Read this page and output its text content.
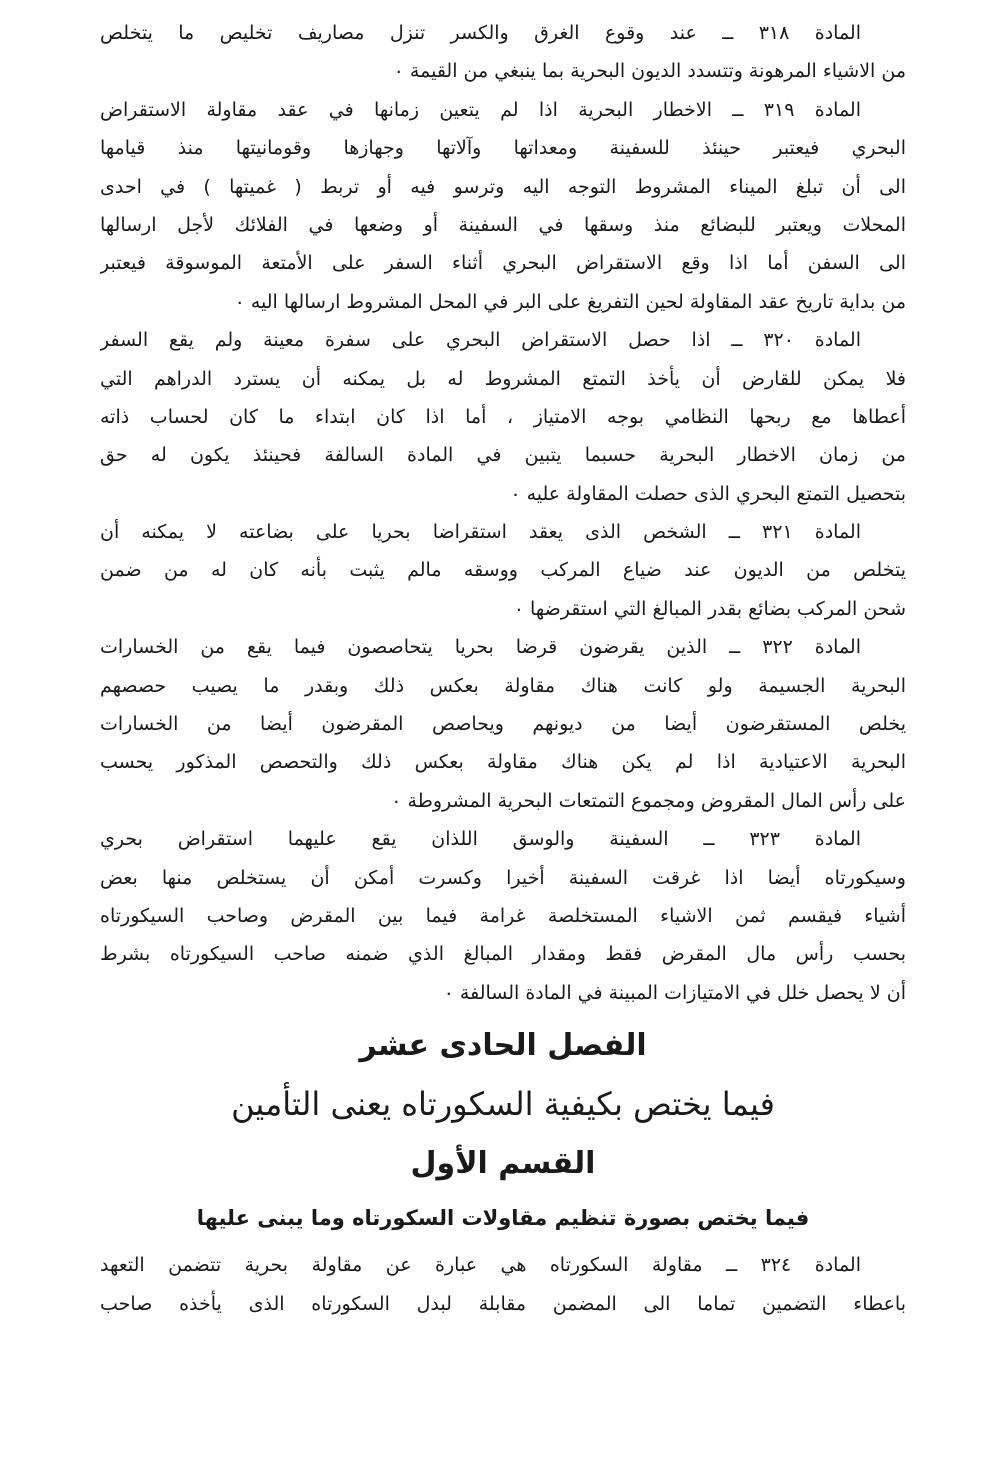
المادة ٣١٨ ــ عند وقوع الغرق والكسر تنزل مصاريف تخليص ما يتخلص
من الاشياء المرهونة وتتسدد الديون البحرية بما ينبغي من القيمة ٠
المادة ٣١٩ ــ الاخطار البحرية اذا لم يتعين زمانها في عقد مقاولة الاستقراض
البحري فيعتبر حينئذ للسفينة ومعداتها وآلاتها وجهازها وقومانيتها منذ قيامها
الى أن تبلغ الميناء المشروط التوجه اليه وترسو فيه أو تربط ( غميتها ) في احدى
المحلات ويعتبر للبضائع منذ وسقها في السفينة أو وضعها في الفلائك لأجل ارسالها
الى السفن أما اذا وقع الاستقراض البحري أثناء السفر على الأمتعة الموسوقة فيعتبر
من بداية تاريخ عقد المقاولة لحين التفريغ على البر في المحل المشروط ارسالها اليه ٠
المادة ٣٢٠ ــ اذا حصل الاستقراض البحري على سفرة معينة ولم يقع السفر
فلا يمكن للقارض أن يأخذ التمتع المشروط له بل يمكنه أن يسترد الدراهم التي
أعطاها مع ربحها النظامي بوجه الامتياز ، أما اذا كان ابتداء ما كان لحساب ذاته
من زمان الاخطار البحرية حسبما يتبين في المادة السالفة فحينئذ يكون له حق
بتحصيل التمتع البحري الذى حصلت المقاولة عليه ٠
المادة ٣٢١ ــ الشخص الذى يعقد استقراضا بحريا على بضاعته لا يمكنه أن
يتخلص من الديون عند ضياع المركب ووسقه مالم يثبت بأنه كان له من ضمن
شحن المركب بضائع بقدر المبالغ التي استقرضها ٠
المادة ٣٢٢ ــ الذين يقرضون قرضا بحريا يتحاصصون فيما يقع من الخسارات
البحرية الجسيمة ولو كانت هناك مقاولة بعكس ذلك وبقدر ما يصيب حصصهم
يخلص المستقرضون أيضا من ديونهم ويحاصص المقرضون أيضا من الخسارات
البحرية الاعتيادية اذا لم يكن هناك مقاولة بعكس ذلك والتحصص المذكور يحسب
على رأس المال المقروض ومجموع التمتعات البحرية المشروطة ٠
المادة ٣٢٣ ــ السفينة والوسق اللذان يقع عليهما استقراض بحري
وسيكورتاه أيضا اذا غرقت السفينة أخيرا وكسرت أمكن أن يستخلص منها بعض
أشياء فيقسم ثمن الاشياء المستخلصة غرامة فيما بين المقرض وصاحب السيكورتاه
بحسب رأس مال المقرض فقط ومقدار المبالغ الذي ضمنه صاحب السيكورتاه بشرط
أن لا يحصل خلل في الامتيازات المبينة في المادة السالفة ٠
الفصل الحادى عشر
فيما يختص بكيفية السكورتاه يعنى التأمين
القسم الأول
فيما يختص بصورة تنظيم مقاولات السكورتاه وما يبنى عليها
المادة ٣٢٤ ــ مقاولة السكورتاه هي عبارة عن مقاولة بحرية تتضمن التعهد
باعطاء التضمين تماما الى المضمن مقابلة لبدل السكورتاه الذى يأخذه صاحب
